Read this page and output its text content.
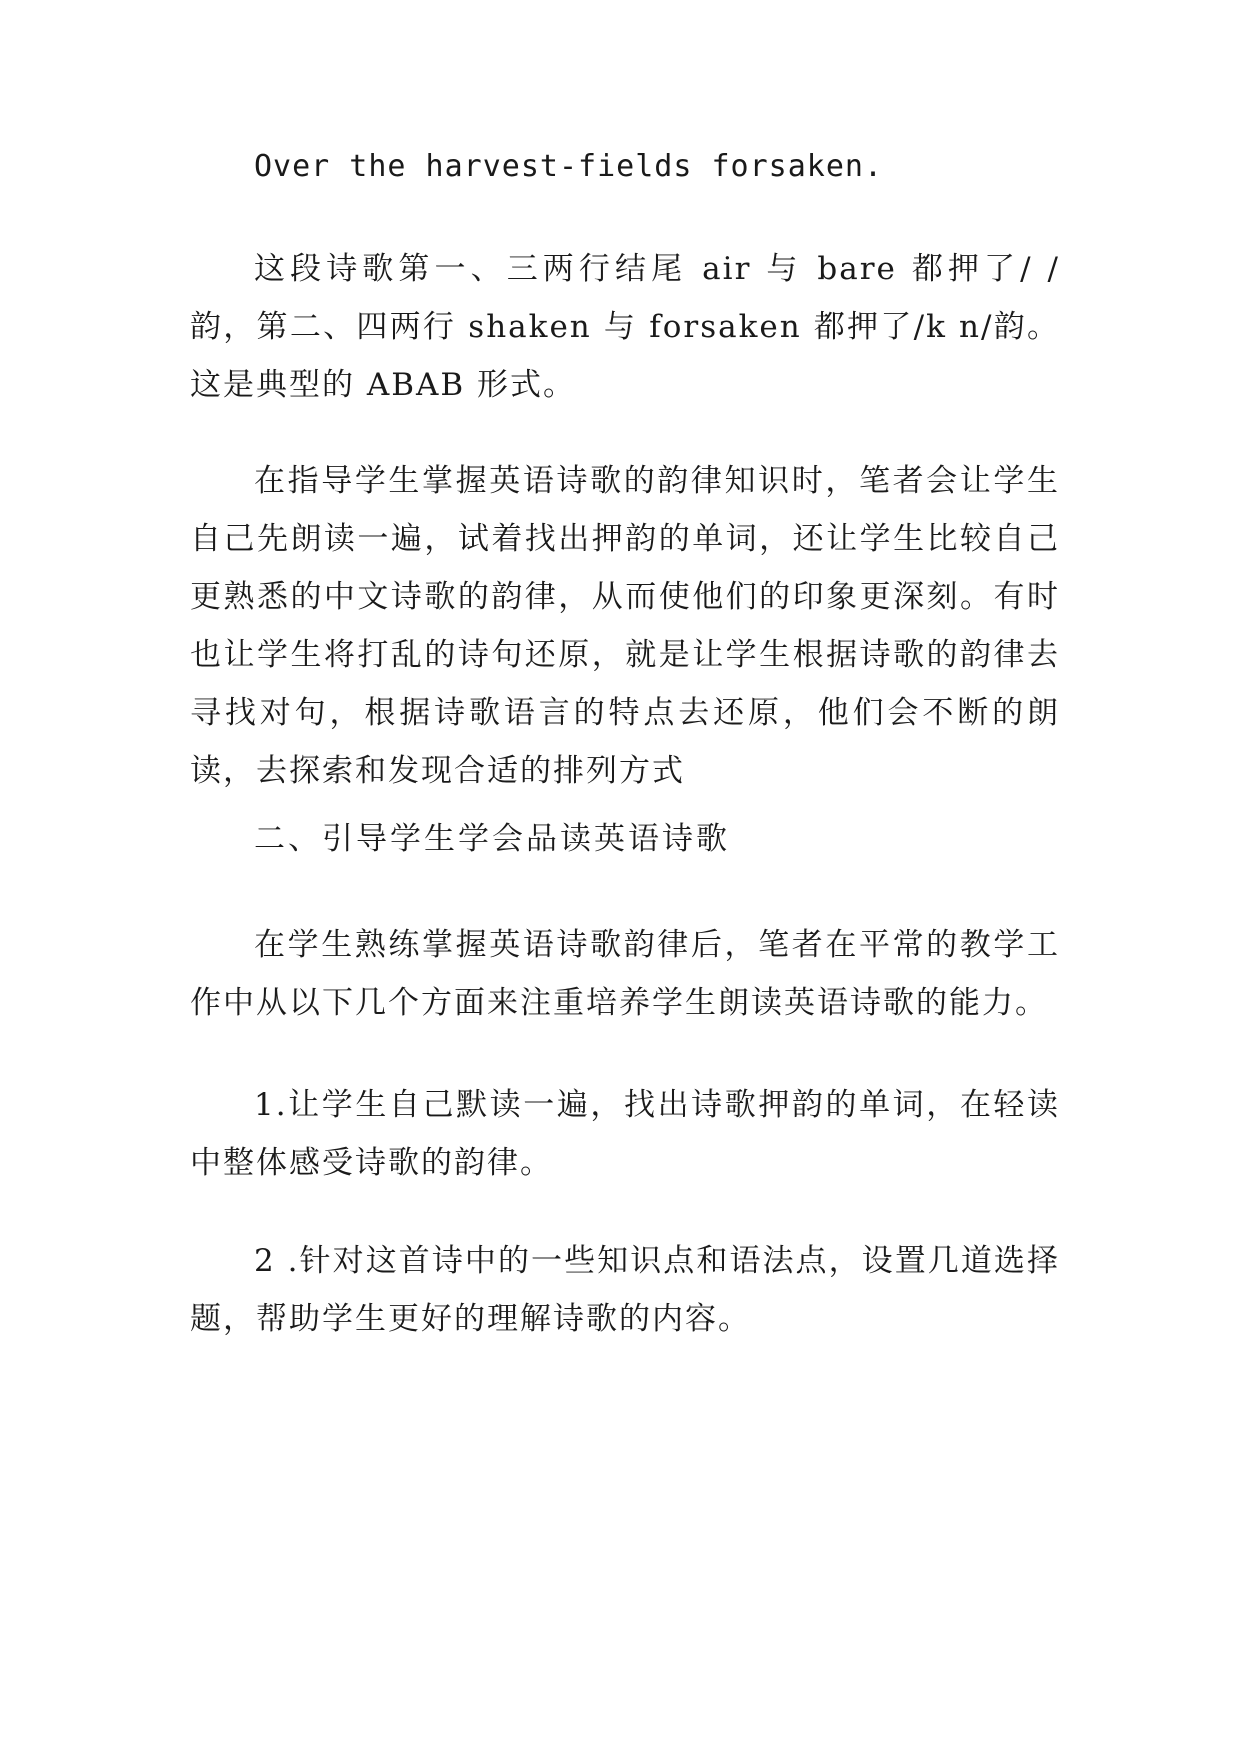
Over the harvest-fields forsaken.

这段诗歌第一、三两行结尾 air 与 bare 都押了/ /韵，第二、四两行 shaken 与 forsaken 都押了/k n/韵。这是典型的 ABAB 形式。

在指导学生掌握英语诗歌的韵律知识时，笔者会让学生自己先朗读一遍，试着找出押韵的单词，还让学生比较自己更熟悉的中文诗歌的韵律，从而使他们的印象更深刻。有时也让学生将打乱的诗句还原，就是让学生根据诗歌的韵律去寻找对句，根据诗歌语言的特点去还原，他们会不断的朗读，去探索和发现合适的排列方式

二、引导学生学会品读英语诗歌

在学生熟练掌握英语诗歌韵律后，笔者在平常的教学工作中从以下几个方面来注重培养学生朗读英语诗歌的能力。

1.让学生自己默读一遍，找出诗歌押韵的单词，在轻读中整体感受诗歌的韵律。

2 .针对这首诗中的一些知识点和语法点，设置几道选择题，帮助学生更好的理解诗歌的内容。
